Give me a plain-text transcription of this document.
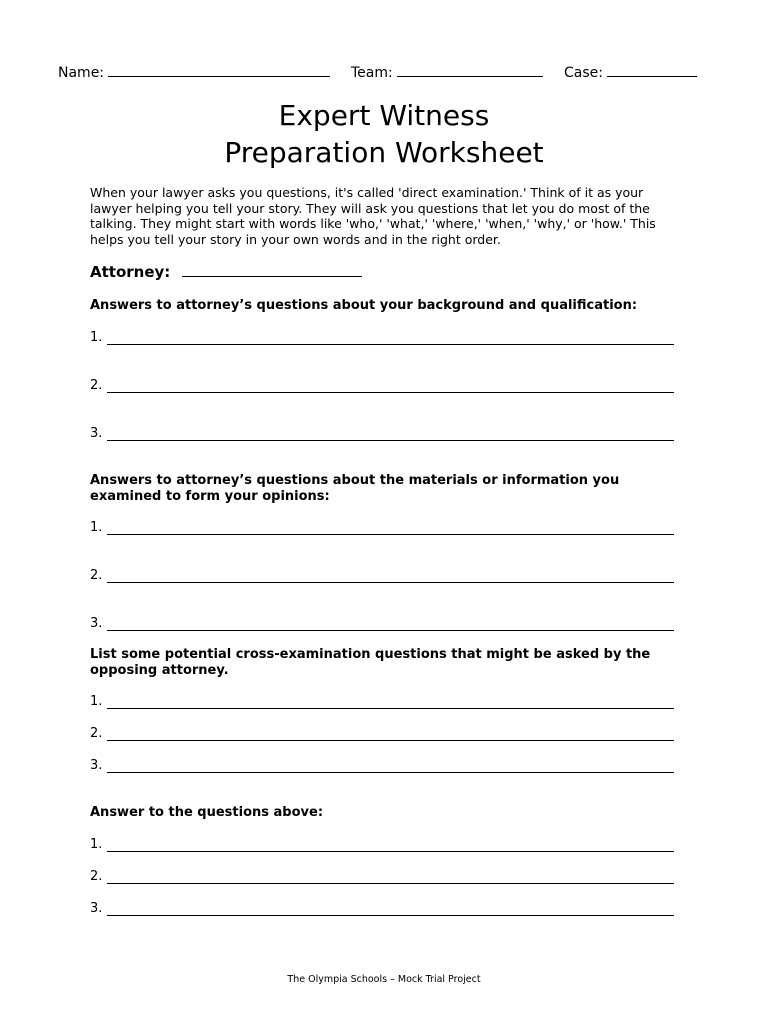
Name:	Team:	Case:
Expert Witness
Preparation Worksheet
When your lawyer asks you questions, it's called 'direct examination.' Think of it as your lawyer helping you tell your story. They will ask you questions that let you do most of the talking. They might start with words like 'who,' 'what,' 'where,' 'when,' 'why,' or 'how.' This helps you tell your story in your own words and in the right order.
Attorney:
Answers to attorney’s questions about your background and qualification:
1.
2.
3.
Answers to attorney’s questions about the materials or information you examined to form your opinions:
1.
2.
3.
List some potential cross-examination questions that might be asked by the opposing attorney.
1.
2.
3.
Answer to the questions above:
1.
2.
3.
The Olympia Schools – Mock Trial Project
